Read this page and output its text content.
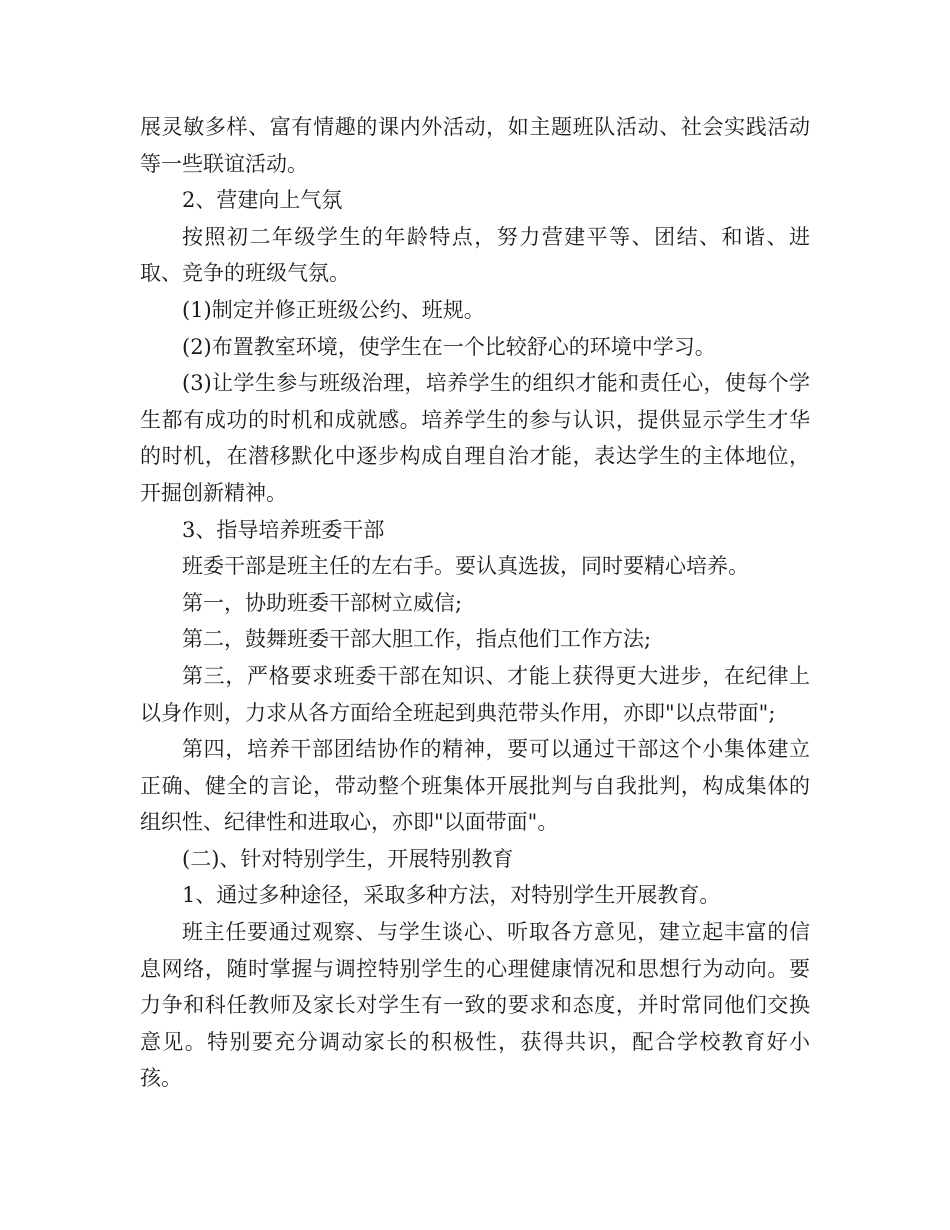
展灵敏多样、富有情趣的课内外活动，如主题班队活动、社会实践活动等一些联谊活动。

2、营建向上气氛

按照初二年级学生的年龄特点，努力营建平等、团结、和谐、进取、竞争的班级气氛。

(1)制定并修正班级公约、班规。

(2)布置教室环境，使学生在一个比较舒心的环境中学习。

(3)让学生参与班级治理，培养学生的组织才能和责任心，使每个学生都有成功的时机和成就感。培养学生的参与认识，提供显示学生才华的时机，在潜移默化中逐步构成自理自治才能，表达学生的主体地位，开掘创新精神。

3、指导培养班委干部

班委干部是班主任的左右手。要认真选拔，同时要精心培养。

第一，协助班委干部树立威信;

第二，鼓舞班委干部大胆工作，指点他们工作方法;

第三，严格要求班委干部在知识、才能上获得更大进步，在纪律上以身作则，力求从各方面给全班起到典范带头作用，亦即"以点带面";

第四，培养干部团结协作的精神，要可以通过干部这个小集体建立正确、健全的言论，带动整个班集体开展批判与自我批判，构成集体的组织性、纪律性和进取心，亦即"以面带面"。

(二)、针对特别学生，开展特别教育

1、通过多种途径，采取多种方法，对特别学生开展教育。

班主任要通过观察、与学生谈心、听取各方意见，建立起丰富的信息网络，随时掌握与调控特别学生的心理健康情况和思想行为动向。要力争和科任教师及家长对学生有一致的要求和态度，并时常同他们交换意见。特别要充分调动家长的积极性，获得共识，配合学校教育好小孩。
